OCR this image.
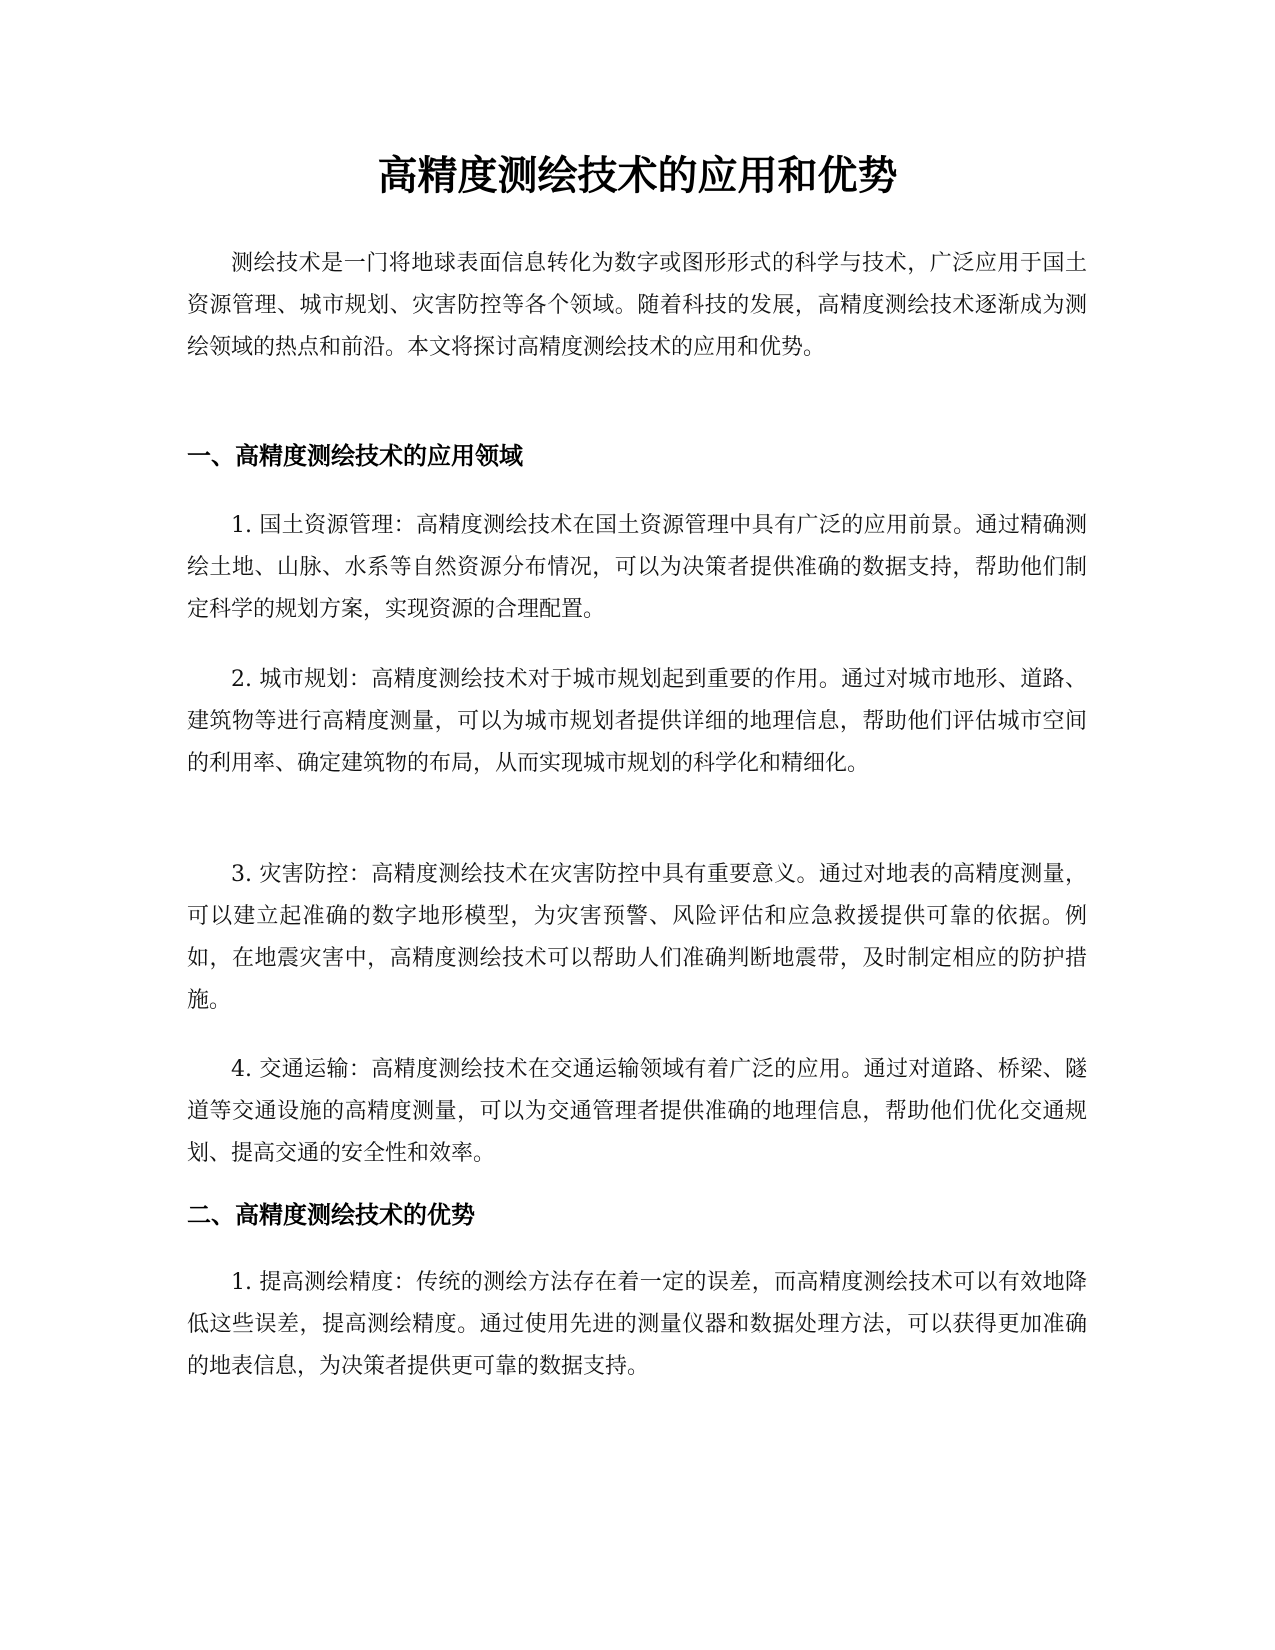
高精度测绘技术的应用和优势

测绘技术是一门将地球表面信息转化为数字或图形形式的科学与技术，广泛应用于国土资源管理、城市规划、灾害防控等各个领域。随着科技的发展，高精度测绘技术逐渐成为测绘领域的热点和前沿。本文将探讨高精度测绘技术的应用和优势。

一、高精度测绘技术的应用领域

1. 国土资源管理：高精度测绘技术在国土资源管理中具有广泛的应用前景。通过精确测绘土地、山脉、水系等自然资源分布情况，可以为决策者提供准确的数据支持，帮助他们制定科学的规划方案，实现资源的合理配置。

2. 城市规划：高精度测绘技术对于城市规划起到重要的作用。通过对城市地形、道路、建筑物等进行高精度测量，可以为城市规划者提供详细的地理信息，帮助他们评估城市空间的利用率、确定建筑物的布局，从而实现城市规划的科学化和精细化。

3. 灾害防控：高精度测绘技术在灾害防控中具有重要意义。通过对地表的高精度测量，可以建立起准确的数字地形模型，为灾害预警、风险评估和应急救援提供可靠的依据。例如，在地震灾害中，高精度测绘技术可以帮助人们准确判断地震带，及时制定相应的防护措施。

4. 交通运输：高精度测绘技术在交通运输领域有着广泛的应用。通过对道路、桥梁、隧道等交通设施的高精度测量，可以为交通管理者提供准确的地理信息，帮助他们优化交通规划、提高交通的安全性和效率。

二、高精度测绘技术的优势

1. 提高测绘精度：传统的测绘方法存在着一定的误差，而高精度测绘技术可以有效地降低这些误差，提高测绘精度。通过使用先进的测量仪器和数据处理方法，可以获得更加准确的地表信息，为决策者提供更可靠的数据支持。
